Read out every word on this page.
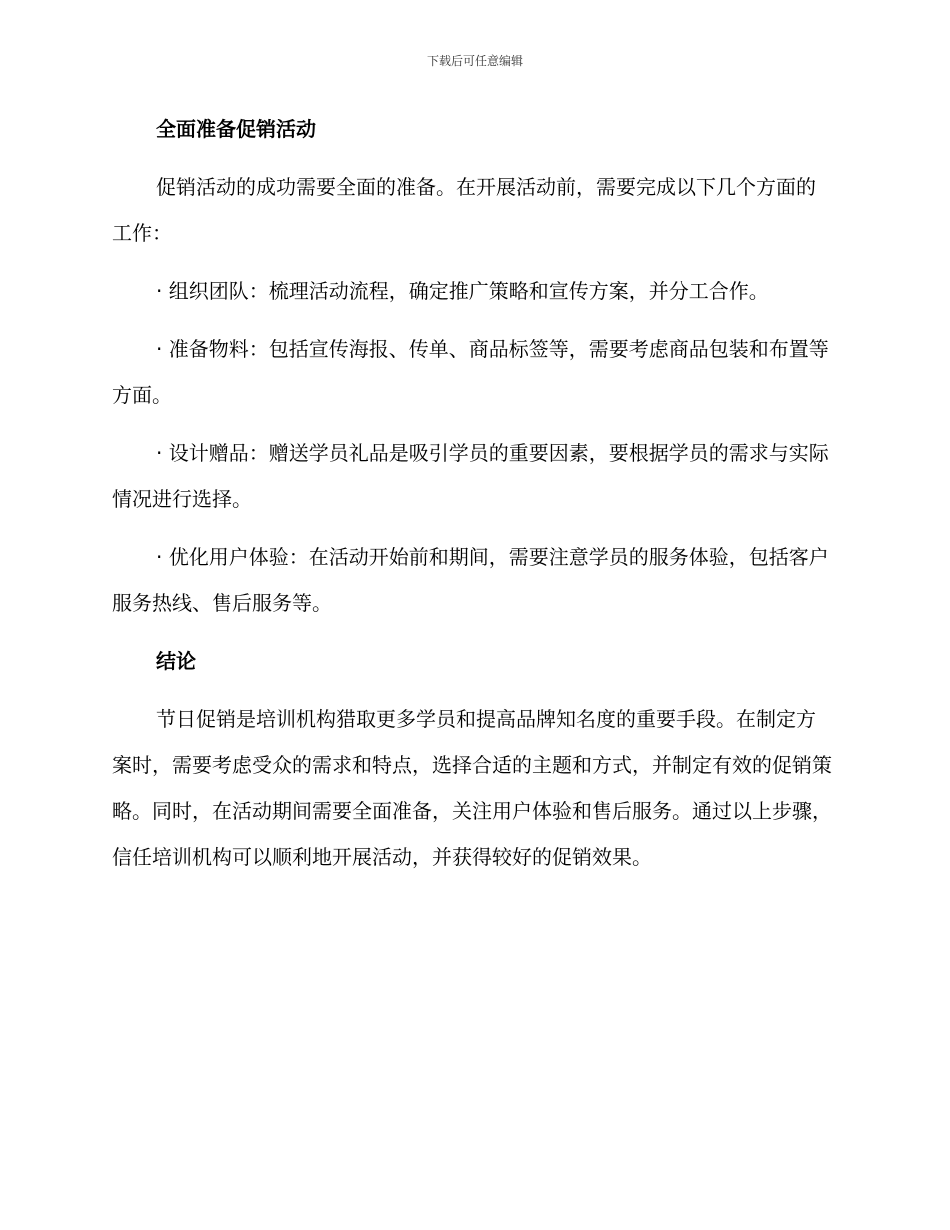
下载后可任意编辑
全面准备促销活动

促销活动的成功需要全面的准备。在开展活动前，需要完成以下几个方面的工作：

· 组织团队：梳理活动流程，确定推广策略和宣传方案，并分工合作。

· 准备物料：包括宣传海报、传单、商品标签等，需要考虑商品包装和布置等方面。

· 设计赠品：赠送学员礼品是吸引学员的重要因素，要根据学员的需求与实际情况进行选择。

· 优化用户体验：在活动开始前和期间，需要注意学员的服务体验，包括客户服务热线、售后服务等。

结论

节日促销是培训机构猎取更多学员和提高品牌知名度的重要手段。在制定方案时，需要考虑受众的需求和特点，选择合适的主题和方式，并制定有效的促销策略。同时，在活动期间需要全面准备，关注用户体验和售后服务。通过以上步骤，信任培训机构可以顺利地开展活动，并获得较好的促销效果。
